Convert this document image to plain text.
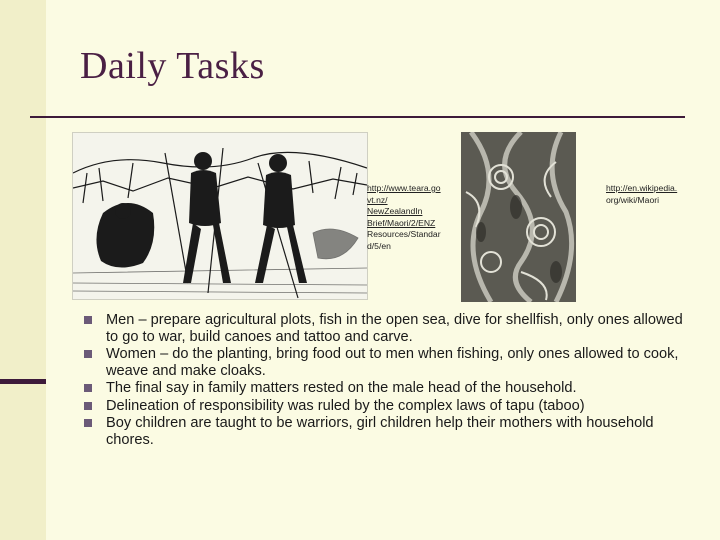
Daily Tasks
http://www.teara.go
vt.nz/
NewZealandIn
Brief/Maori/2/ENZ
Resources/Standar
d/5/en
http://en.wikipedia.
org/wiki/Maori
Men – prepare agricultural plots, fish in the open sea, dive for shellfish, only ones allowed to go to war, build canoes and tattoo and carve.
Women – do the planting, bring food out to men when fishing, only ones allowed to cook, weave and make cloaks.
The final say in family matters rested on the male head of the household.
Delineation of responsibility was ruled by the complex laws of tapu (taboo)
Boy children are taught to be warriors, girl children help their mothers with household chores.
